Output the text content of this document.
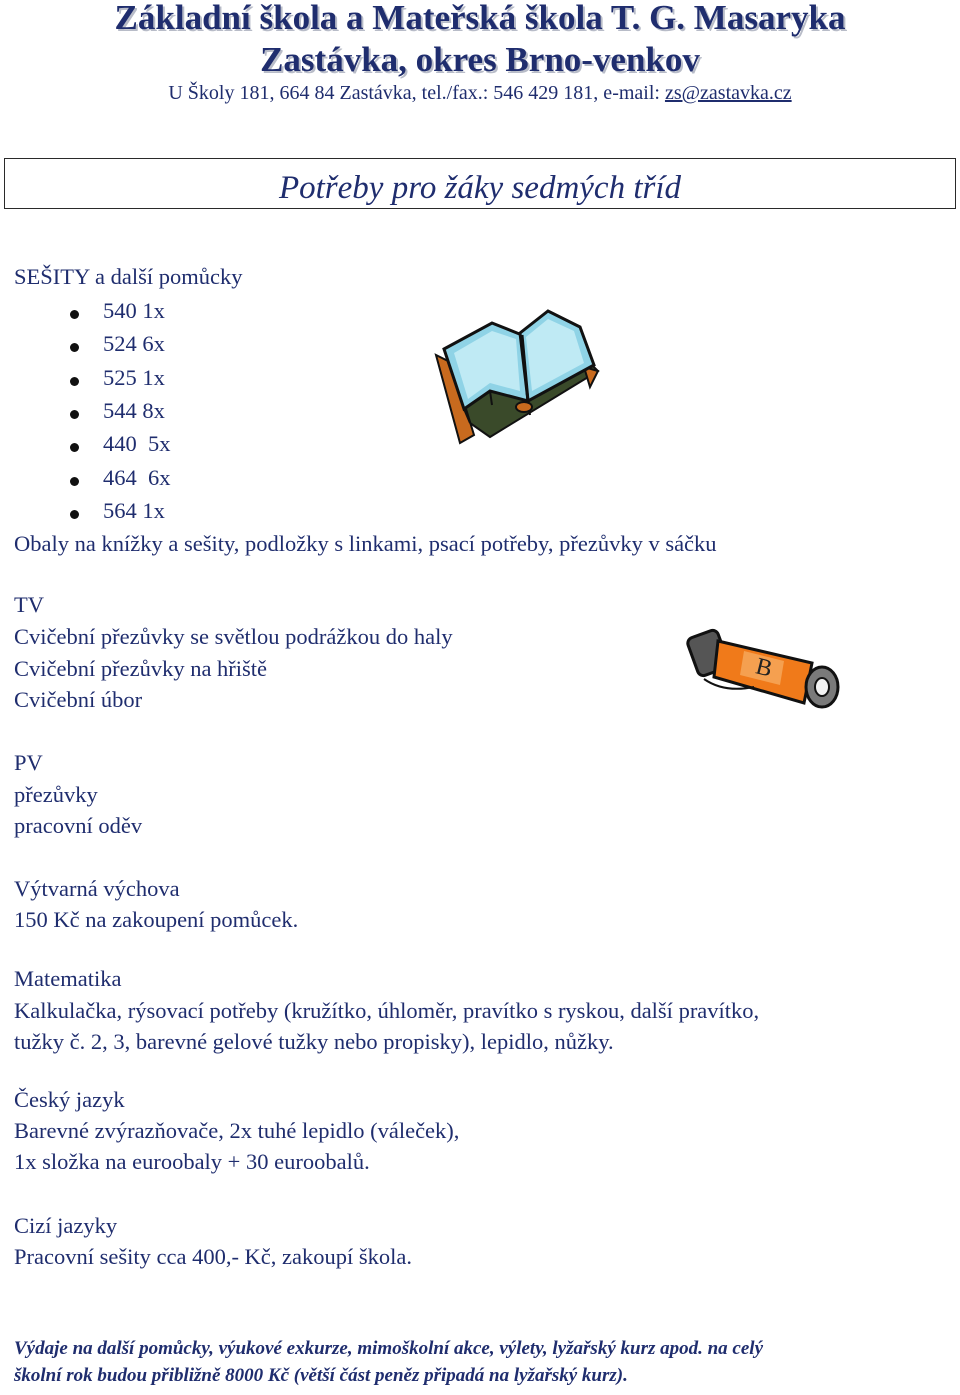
Základní škola a Mateřská škola T. G. Masaryka
Zastávka, okres Brno-venkov
U Školy 181, 664 84 Zastávka, tel./fax.: 546 429 181, e-mail: zs@zastavka.cz
Potřeby pro žáky sedmých tříd
SEŠITY a další pomůcky
540 1x
524 6x
525 1x
544 8x
440  5x
464  6x
564 1x
Obaly na knížky a sešity, podložky s linkami, psací potřeby, přezůvky v sáčku
TV
Cvičební přezůvky se světlou podrážkou do haly
Cvičební přezůvky na hřiště
Cvičební úbor
PV
přezůvky
pracovní oděv
Výtvarná výchova
150 Kč na zakoupení pomůcek.
Matematika
Kalkulačka, rýsovací potřeby (kružítko, úhloměr, pravítko s ryskou, další pravítko,
tužky č. 2, 3, barevné gelové tužky nebo propisky), lepidlo, nůžky.
Český jazyk
Barevné zvýrazňovače, 2x tuhé lepidlo (váleček),
1x složka na euroobaly + 30 euroobalů.
Cizí jazyky
Pracovní sešity cca 400,- Kč, zakoupí škola.
B
Výdaje na další pomůcky, výukové exkurze, mimoškolní akce, výlety, lyžařský kurz apod. na celý
školní rok budou přibližně 8000 Kč (větší část peněz připadá na lyžařský kurz).
